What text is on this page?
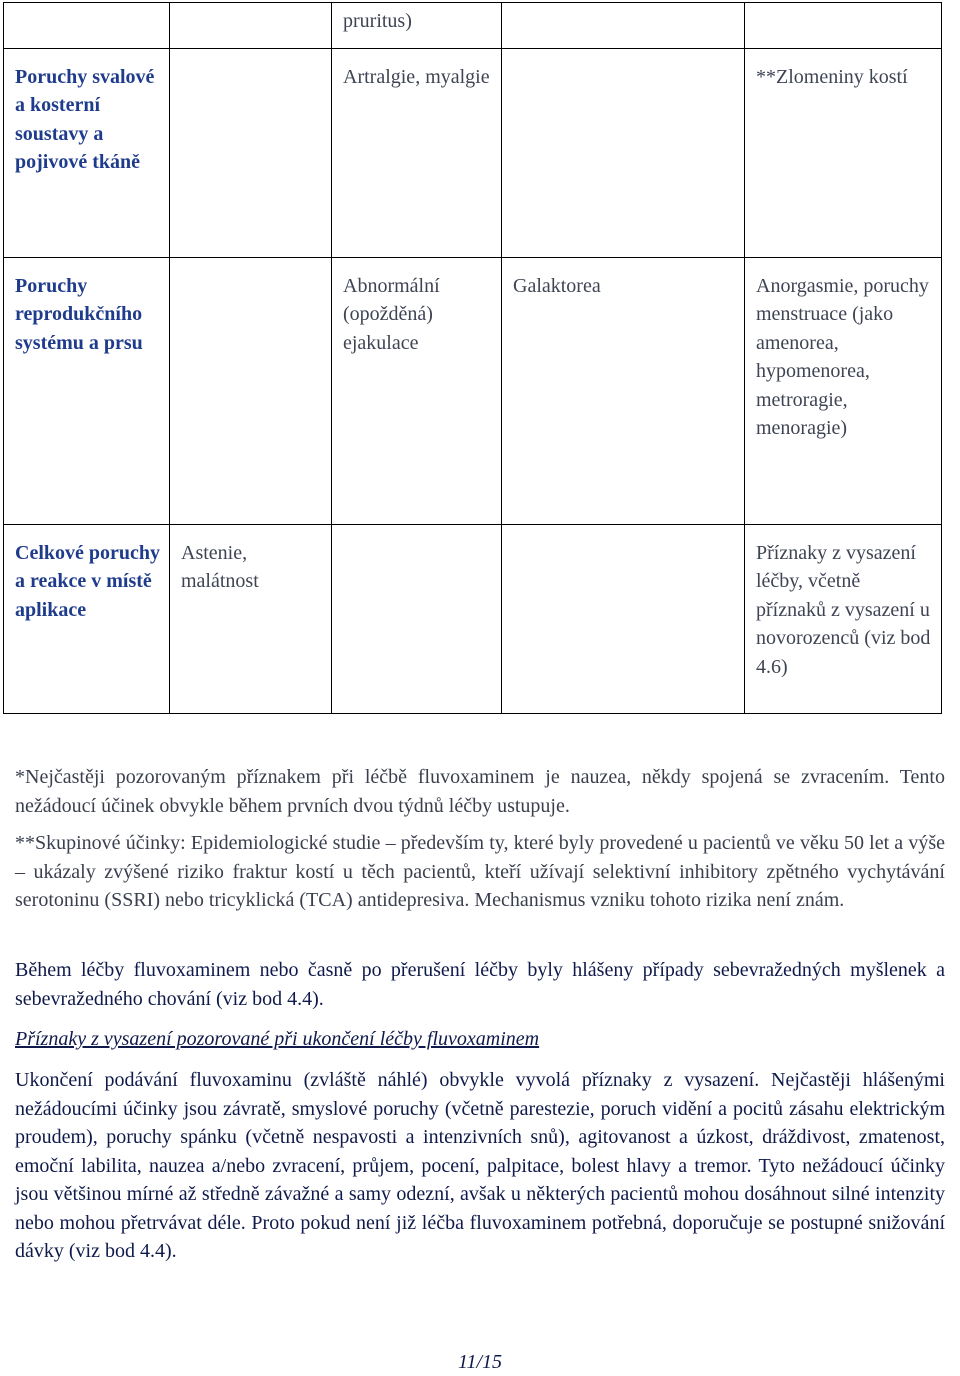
		pruritus)		
Poruchy svalové a kosterní soustavy a pojivové tkáně		Artralgie, myalgie		**Zlomeniny kostí
Poruchy reprodukčního systému a prsu		Abnormální (opožděná) ejakulace	Galaktorea	Anorgasmie, poruchy menstruace (jako amenorea, hypomenorea, metroragie, menoragie)
Celkové poruchy a reakce v místě aplikace	Astenie, malátnost			Příznaky z vysazení léčby, včetně příznaků z vysazení u novorozenců (viz bod 4.6)

*Nejčastěji pozorovaným příznakem při léčbě fluvoxaminem je nauzea, někdy spojená se zvracením. Tento nežádoucí účinek obvykle během prvních dvou týdnů léčby ustupuje.

**Skupinové účinky: Epidemiologické studie – především ty, které byly provedené u pacientů ve věku 50 let a výše – ukázaly zvýšené riziko fraktur kostí u těch pacientů, kteří užívají selektivní inhibitory zpětného vychytávání serotoninu (SSRI) nebo tricyklická (TCA) antidepresiva. Mechanismus vzniku tohoto rizika není znám.

Během léčby fluvoxaminem nebo časně po přerušení léčby byly hlášeny případy sebevražedných myšlenek a sebevražedného chování (viz bod 4.4).

Příznaky z vysazení pozorované při ukončení léčby fluvoxaminem

Ukončení podávání fluvoxaminu (zvláště náhlé) obvykle vyvolá příznaky z vysazení. Nejčastěji hlášenými nežádoucími účinky jsou závratě, smyslové poruchy (včetně parestezie, poruch vidění a pocitů zásahu elektrickým proudem), poruchy spánku (včetně nespavosti a intenzivních snů), agitovanost a úzkost, dráždivost, zmatenost, emoční labilita, nauzea a/nebo zvracení, průjem, pocení, palpitace, bolest hlavy a tremor. Tyto nežádoucí účinky jsou většinou mírné až středně závažné a samy odezní, avšak u některých pacientů mohou dosáhnout silné intenzity nebo mohou přetrvávat déle. Proto pokud není již léčba fluvoxaminem potřebná, doporučuje se postupné snižování dávky (viz bod 4.4).

11/15
